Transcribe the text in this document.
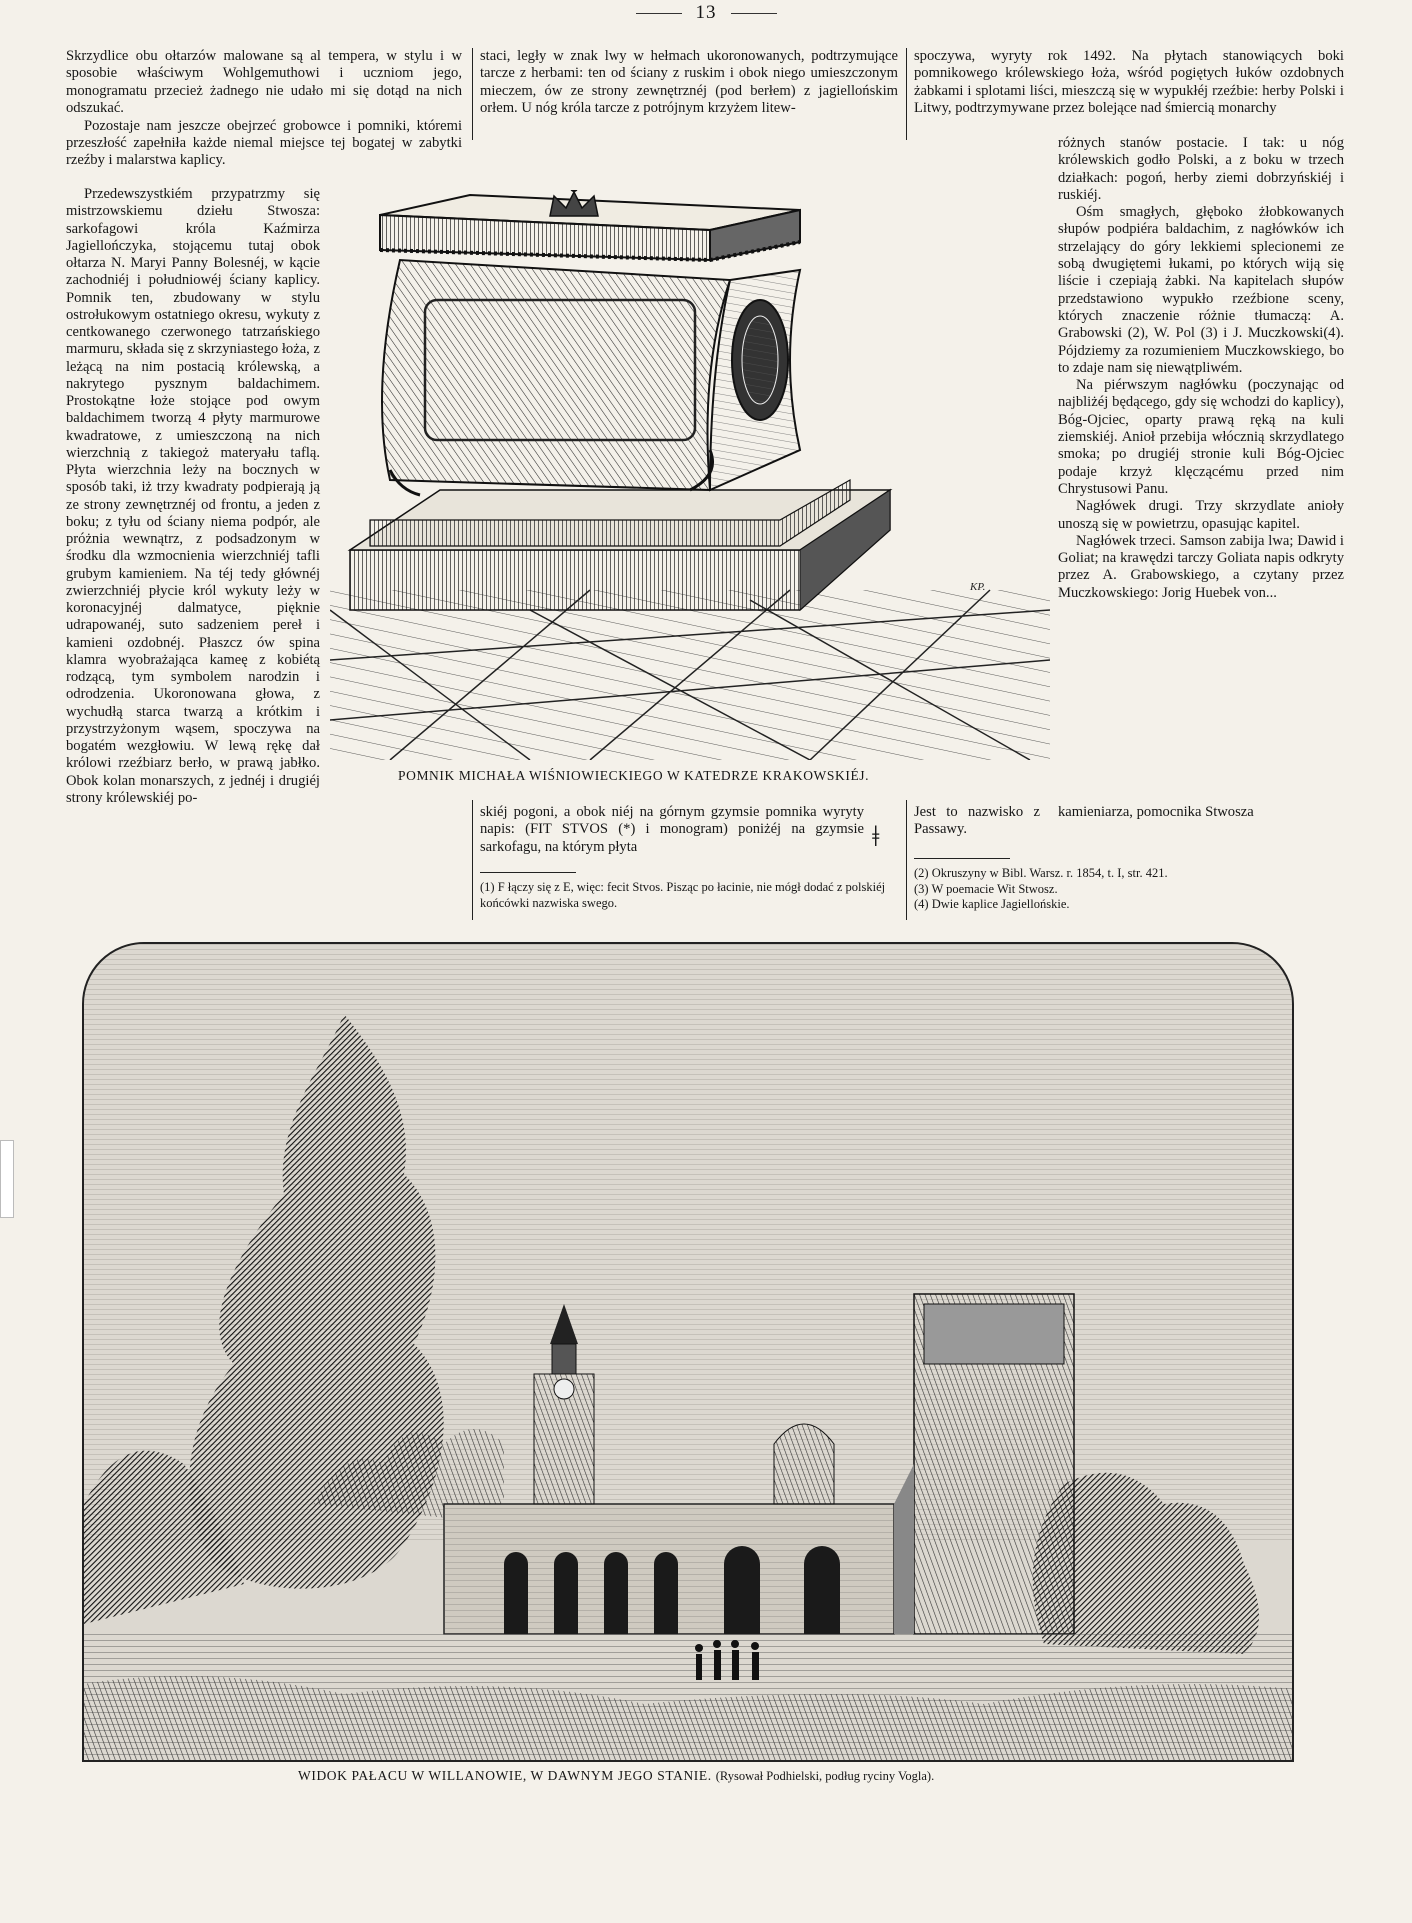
13

Skrzydlice obu ołtarzów malowane są al tempera, w stylu i w sposobie właściwym Wohlgemuthowi i uczniom jego, monogramatu przecież żadnego nie udało mi się dotąd na nich odszukać.

Pozostaje nam jeszcze obejrzeć grobowce i pomniki, któremi przeszłość zapełniła każde niemal miejsce tej bogatej w zabytki rzeźby i malarstwa kaplicy.

Przedewszystkiém przypatrzmy się mistrzowskiemu dziełu Stwosza: sarkofagowi króla Kaźmirza Jagiellończyka, stojącemu tutaj obok ołtarza N. Maryi Panny Bolesnéj, w kącie zachodniéj i południowéj ściany kaplicy. Pomnik ten, zbudowany w stylu ostrołukowym ostatniego okresu, wykuty z centkowanego czerwonego tatrzańskiego marmuru, składa się z skrzyniastego łoża, z leżącą na nim postacią królewską, a nakrytego pysznym baldachimem. Prostokątne łoże stojące pod owym baldachimem tworzą 4 płyty marmurowe kwadratowe, z umieszczoną na nich wierzchnią z takiegoż materyału taflą. Płyta wierzchnia leży na bocznych w sposób taki, iż trzy kwadraty podpierają ją ze strony zewnętrznéj od frontu, a jeden z boku; z tyłu od ściany niema podpór, ale próżnia wewnątrz, z podsadzonym w środku dla wzmocnienia wierzchniéj tafli grubym kamieniem. Na téj tedy głównéj zwierzchniéj płycie król wykuty leży w koronacyjnéj dalmatyce, pięknie udrapowanéj, suto sadzeniem pereł i kamieni ozdobnéj. Płaszcz ów spina klamra wyobrażająca kameę z kobiétą rodzącą, tym symbolem narodzin i odrodzenia. Ukoronowana głowa, z wychudłą starca twarzą a krótkim i przystrzyżonym wąsem, spoczywa na bogatém wezgłowiu. W lewą rękę dał królowi rzeźbiarz berło, w prawą jabłko. Obok kolan monarszych, z jednéj i drugiéj strony królewskiéj po-

staci, legły w znak lwy w hełmach ukoronowanych, podtrzymujące tarcze z herbami: ten od ściany z ruskim i obok niego umieszczonym mieczem, ów ze strony zewnętrznéj (pod berłem) z jagiellońskim orłem. U nóg króla tarcze z potrójnym krzyżem litew-

spoczywa, wyryty rok 1492. Na płytach stanowiących boki pomnikowego królewskiego łoża, wśród pogiętych łuków ozdobnych żabkami i splotami liści, mieszczą się w wypukłéj rzeźbie: herby Polski i Litwy, podtrzymywane przez bolejące nad śmiercią monarchy

różnych stanów postacie. I tak: u nóg królewskich godło Polski, a z boku w trzech działkach: pogoń, herby ziemi dobrzyńskiéj i ruskiéj.

Ośm smagłych, głęboko żłobkowanych słupów podpiéra baldachim, z nagłówków ich strzelający do góry lekkiemi splecionemi ze sobą dwugiętemi łukami, po których wiją się liście i czepiają żabki. Na kapitelach słupów przedstawiono wypukło rzeźbione sceny, których znaczenie różnie tłumaczą: A. Grabowski (2), W. Pol (3) i J. Muczkowski(4). Pójdziemy za rozumieniem Muczkowskiego, bo to zdaje nam się niewątpliwém.

Na piérwszym nagłówku (poczynając od najbliżéj będącego, gdy się wchodzi do kaplicy), Bóg-Ojciec, oparty prawą ręką na kuli ziemskiéj. Anioł przebija włócznią skrzydlatego smoka; po drugiéj stronie kuli Bóg-Ojciec podaje krzyż klęczącému przed nim Chrystusowi Panu.

Nagłówek drugi. Trzy skrzydlate anioły unoszą się w powietrzu, opasując kapitel.

Nagłówek trzeci. Samson zabija lwa; Dawid i Goliat; na krawędzi tarczy Goliata napis odkryty przez A. Grabowskiego, a czytany przez Muczkowskiego: Jorig Huebek von...

skiéj pogoni, a obok niéj na górnym gzymsie pomnika wyryty napis: (FIT STVOS (*) i monogram) poniżéj na gzymsie sarkofagu, na którym płyta	ǂ

Jest to nazwisko z Passawy.

kamieniarza, pomocnika Stwosza

(1) F łączy się z E, więc: fecit Stvos. Pisząc po łacinie, nie mógł dodać z polskiéj końcówki nazwiska swego.
(2) Okruszyny w Bibl. Warsz. r. 1854, t. I, str. 421.
(3) W poemacie Wit Stwosz.
(4) Dwie kaplice Jagiellońskie.
KP.
POMNIK MICHAŁA WIŚNIOWIECKIEGO W KATEDRZE KRAKOWSKIÉJ.
WIDOK PAŁACU W WILLANOWIE, W DAWNYM JEGO STANIE. (Rysował Podhielski, podług ryciny Vogla).
